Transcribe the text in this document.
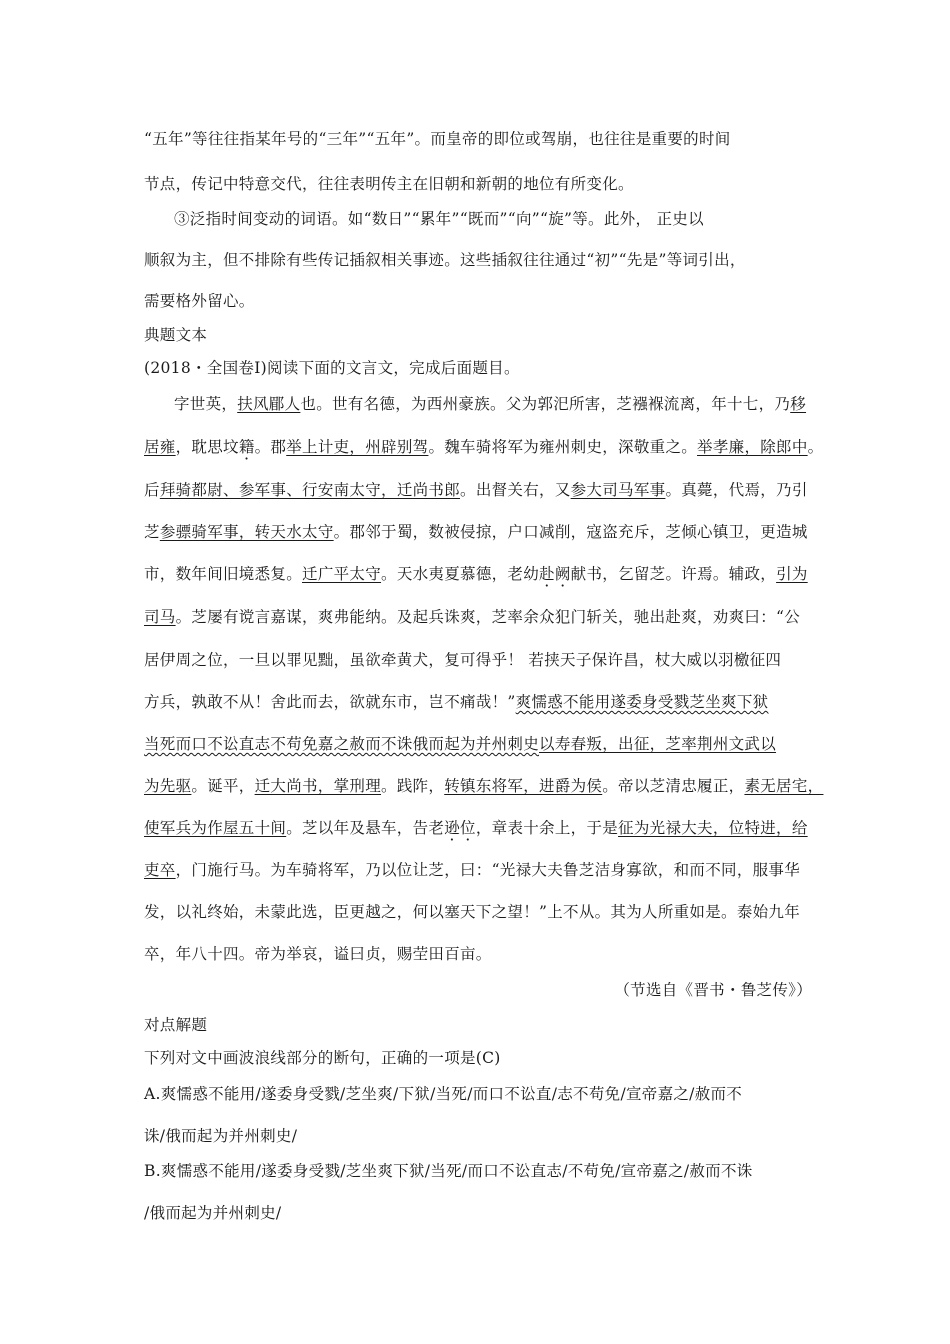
“五年”等往往指某年号的“三年”“五年”。而皇帝的即位或驾崩，也往往是重要的时间
节点，传记中特意交代，往往表明传主在旧朝和新朝的地位有所变化。
③泛指时间变动的词语。如“数日”“累年”“既而”“向”“旋”等。此外， 正史以
顺叙为主，但不排除有些传记插叙相关事迹。这些插叙往往通过“初”“先是”等词引出，
需要格外留心。
典题文本
(2018・全国卷Ⅰ)阅读下面的文言文，完成后面题目。
字世英，扶风郿人也。世有名德，为西州豪族。父为郭汜所害，芝襁褓流离，年十七，乃移
居雍，耽思坟籍。郡举上计吏，州辟别驾。魏车骑将军为雍州刺史，深敬重之。举孝廉，除郎中。
后拜骑都尉、参军事、行安南太守，迁尚书郎。出督关右，又参大司马军事。真薨，代焉，乃引
芝参骠骑军事，转天水太守。郡邻于蜀，数被侵掠，户口减削，寇盗充斥，芝倾心镇卫，更造城
市，数年间旧境悉复。迁广平太守。天水夷夏慕德，老幼赴阙献书，乞留芝。许焉。辅政，引为
司马。芝屡有谠言嘉谋，爽弗能纳。及起兵诛爽，芝率余众犯门斩关，驰出赴爽，劝爽曰：“公
居伊周之位，一旦以罪见黜，虽欲牵黄犬，复可得乎！ 若挟天子保许昌，杖大威以羽檄征四
方兵，孰敢不从！舍此而去，欲就东市，岂不痛哉！”爽懦惑不能用遂委身受戮芝坐爽下狱
当死而口不讼直志不苟免嘉之赦而不诛俄而起为并州刺史以寿春叛，出征，芝率荆州文武以
为先驱。诞平，迁大尚书，掌刑理。践阼，转镇东将军，进爵为侯。帝以芝清忠履正，素无居宅，
使军兵为作屋五十间。芝以年及悬车，告老逊位，章表十余上，于是征为光禄大夫，位特进，给
吏卒，门施行马。为车骑将军，乃以位让芝，曰：“光禄大夫鲁芝洁身寡欲，和而不同，服事华
发，以礼终始，未蒙此选，臣更越之，何以塞天下之望！”上不从。其为人所重如是。泰始九年
卒，年八十四。帝为举哀，谥曰贞，赐茔田百亩。
（节选自《晋书・鲁芝传》）
对点解题
下列对文中画波浪线部分的断句，正确的一项是(C)
A.爽懦惑不能用/遂委身受戮/芝坐爽/下狱/当死/而口不讼直/志不苟免/宣帝嘉之/赦而不
诛/俄而起为并州刺史/
B.爽懦惑不能用/遂委身受戮/芝坐爽下狱/当死/而口不讼直志/不苟免/宣帝嘉之/赦而不诛
/俄而起为并州刺史/
